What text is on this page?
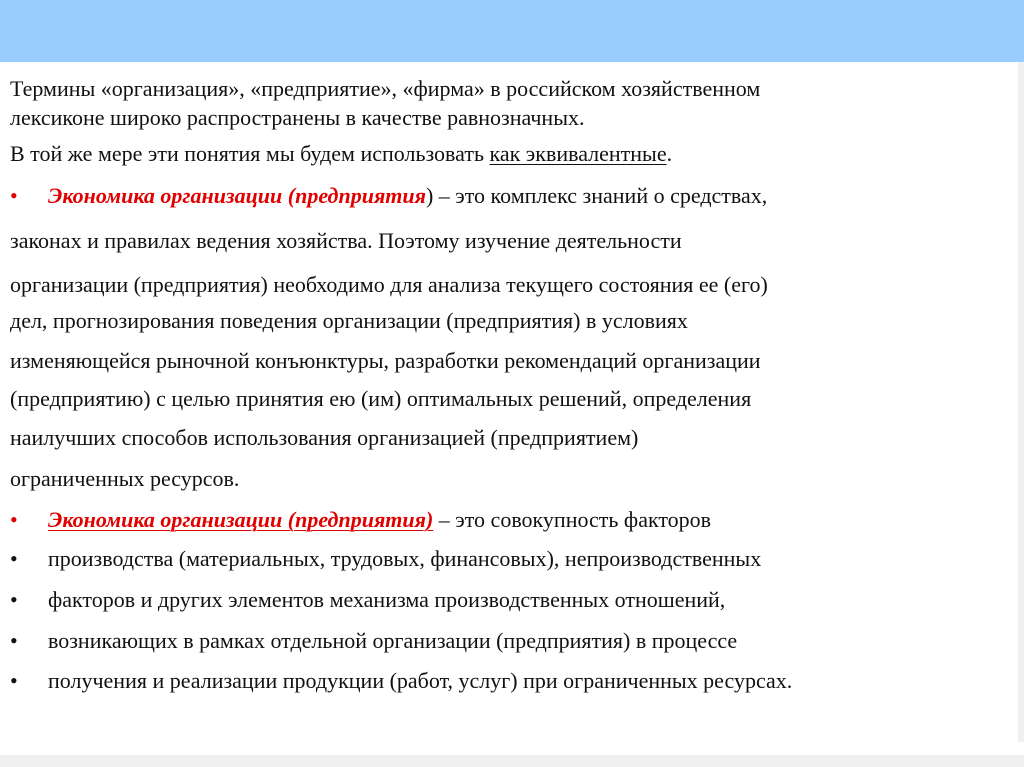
Термины «организация», «предприятие», «фирма» в российском хозяйственном
лексиконе широко распространены в качестве равнозначных.
В той же мере эти понятия мы будем использовать как эквивалентные.
• Экономика организации (предприятия) – это комплекс знаний о средствах,
законах и правилах ведения хозяйства. Поэтому изучение деятельности
организации (предприятия) необходимо для анализа текущего состояния ее (его)
дел, прогнозирования поведения организации (предприятия) в условиях
изменяющейся рыночной конъюнктуры, разработки рекомендаций организации
(предприятию) с целью принятия ею (им) оптимальных решений, определения
наилучших способов использования организацией (предприятием)
ограниченных ресурсов.
• Экономика организации (предприятия) – это совокупность факторов
• производства (материальных, трудовых, финансовых), непроизводственных
• факторов и других элементов механизма производственных отношений,
• возникающих в рамках отдельной организации (предприятия) в процессе
• получения и реализации продукции (работ, услуг) при ограниченных ресурсах.
